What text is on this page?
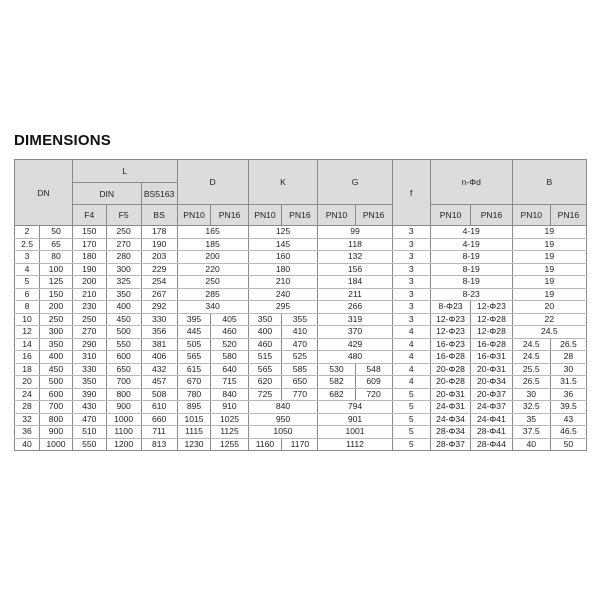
DIMENSIONS
DN		L			D		K		G		f	n-Φd		B	
		DIN		BS5163											
		F4	F5	BS	PN10	PN16	PN10	PN16	PN10	PN16		PN10	PN16	PN10	PN16
2	50	150	250	178	165		125		99		3	4-19		19	
2.5	65	170	270	190	185		145		118		3	4-19		19	
3	80	180	280	203	200		160		132		3	8-19		19	
4	100	190	300	229	220		180		156		3	8-19		19	
5	125	200	325	254	250		210		184		3	8-19		19	
6	150	210	350	267	285		240		211		3	8-23		19	
8	200	230	400	292	340		295		266		3	8-Φ23	12-Φ23	20	
10	250	250	450	330	395	405	350	355	319		3	12-Φ23	12-Φ28	22	
12	300	270	500	356	445	460	400	410	370		4	12-Φ23	12-Φ28	24.5	
14	350	290	550	381	505	520	460	470	429		4	16-Φ23	16-Φ28	24.5	26.5
16	400	310	600	406	565	580	515	525	480		4	16-Φ28	16-Φ31	24.5	28
18	450	330	650	432	615	640	565	585	530	548	4	20-Φ28	20-Φ31	25.5	30
20	500	350	700	457	670	715	620	650	582	609	4	20-Φ28	20-Φ34	26.5	31.5
24	600	390	800	508	780	840	725	770	682	720	5	20-Φ31	20-Φ37	30	36
28	700	430	900	610	895	910	840		794		5	24-Φ31	24-Φ37	32.5	39.5
32	800	470	1000	660	1015	1025	950		901		5	24-Φ34	24-Φ41	35	43
36	900	510	1100	711	1115	1125	1050		1001		5	28-Φ34	28-Φ41	37.5	46.5
40	1000	550	1200	813	1230	1255	1160	1170	1112		5	28-Φ37	28-Φ44	40	50
